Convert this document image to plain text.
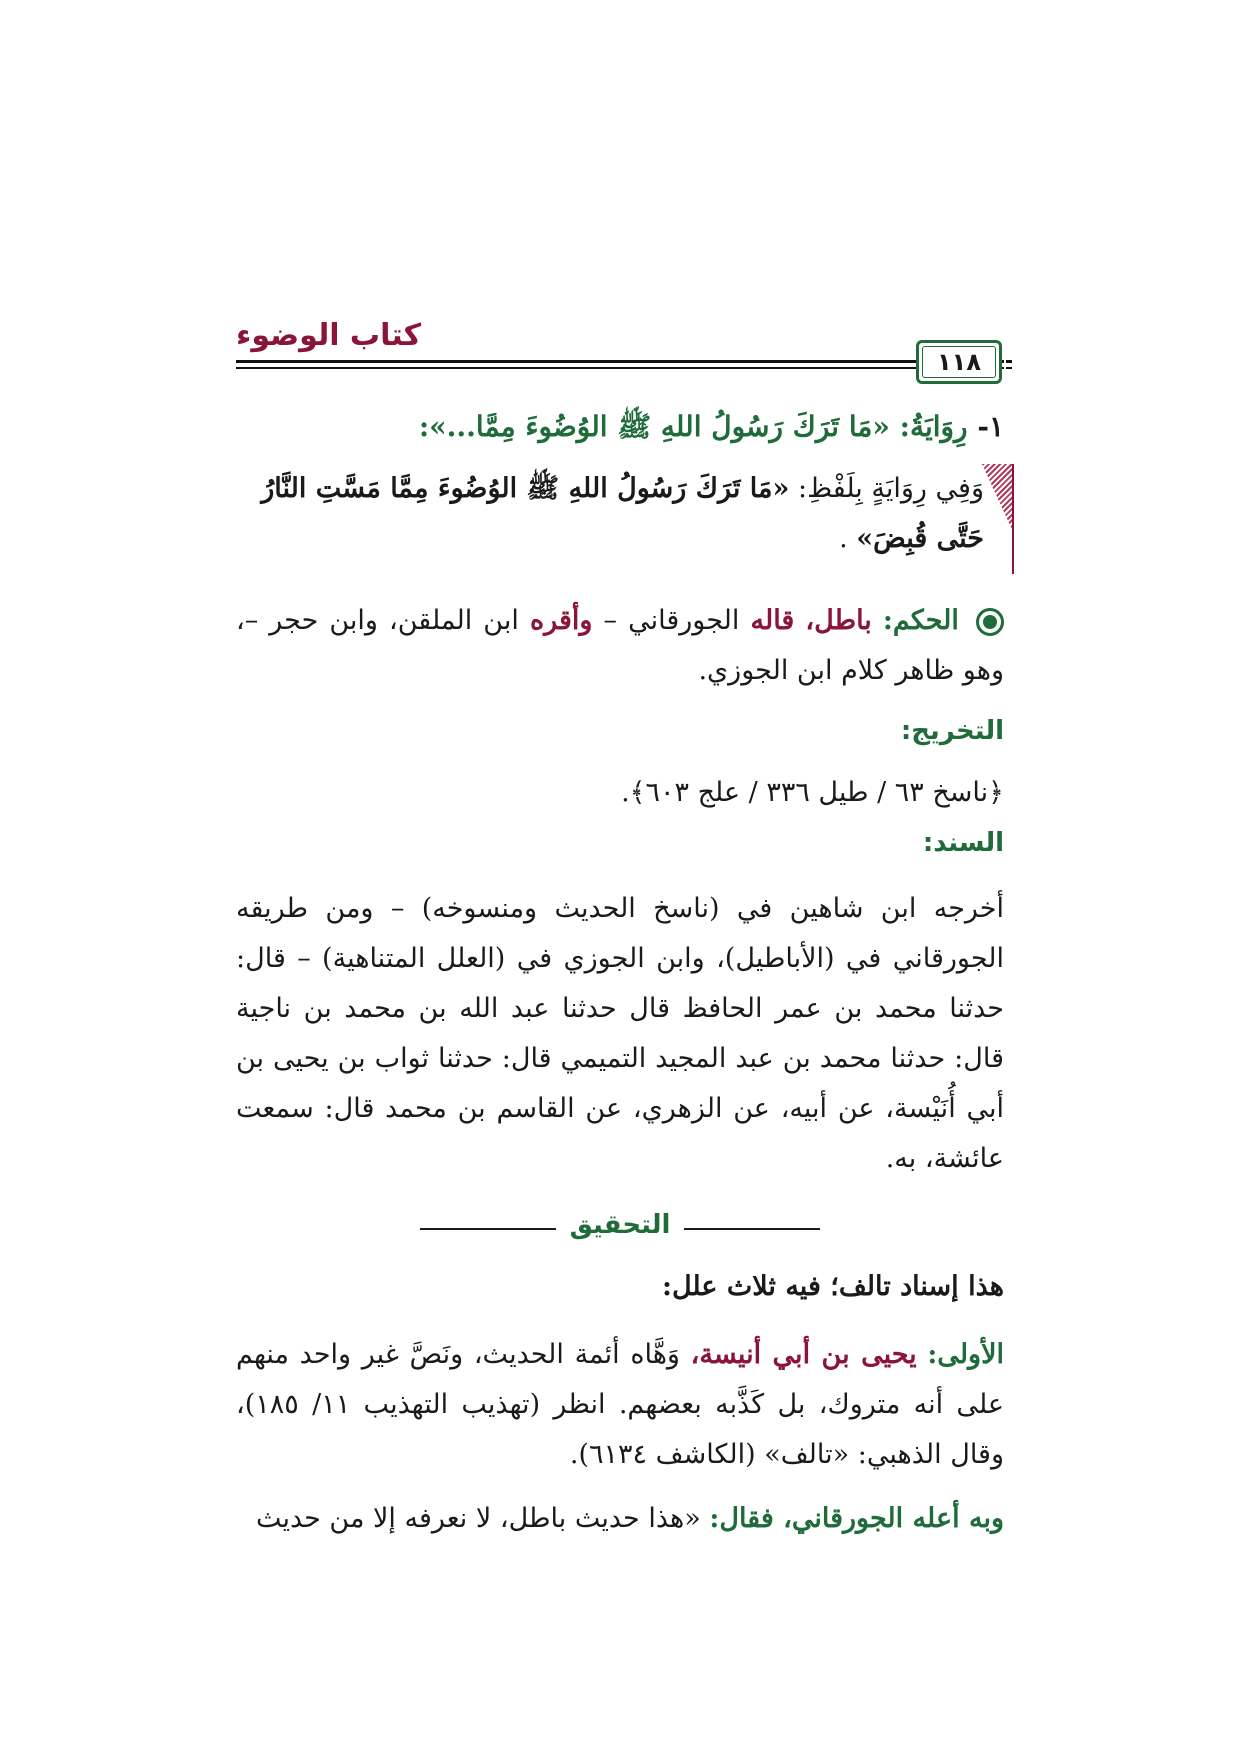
كتاب الوضوء
١١٨
١- رِوَايَةُ: «مَا تَرَكَ رَسُولُ اللهِ ﷺ الوُضُوءَ مِمَّا...»:
وَفِي رِوَايَةٍ بِلَفْظِ: «مَا تَرَكَ رَسُولُ اللهِ ﷺ الوُضُوءَ مِمَّا مَسَّتِ النَّارُ حَتَّى قُبِضَ» .
الحكم: باطل، قاله الجورقاني – وأقره ابن الملقن، وابن حجر –، وهو ظاهر كلام ابن الجوزي.
التخريج:
﴿ناسخ ٦٣ / طيل ٣٣٦ / علج ٦٠٣﴾.
السند:
أخرجه ابن شاهين في (ناسخ الحديث ومنسوخه) – ومن طريقه الجورقاني في (الأباطيل)، وابن الجوزي في (العلل المتناهية) – قال: حدثنا محمد بن عمر الحافظ قال حدثنا عبد الله بن محمد بن ناجية قال: حدثنا محمد بن عبد المجيد التميمي قال: حدثنا ثواب بن يحيى بن أبي أُنَيْسة، عن أبيه، عن الزهري، عن القاسم بن محمد قال: سمعت عائشة، به.
التحقيق
هذا إسناد تالف؛ فيه ثلاث علل:
الأولى: يحيى بن أبي أنيسة، وَهَّاه أئمة الحديث، ونَصَّ غير واحد منهم على أنه متروك، بل كَذَّبه بعضهم. انظر (تهذيب التهذيب ١١/ ١٨٥)، وقال الذهبي: «تالف» (الكاشف ٦١٣٤).
وبه أعله الجورقاني، فقال: «هذا حديث باطل، لا نعرفه إلا من حديث
